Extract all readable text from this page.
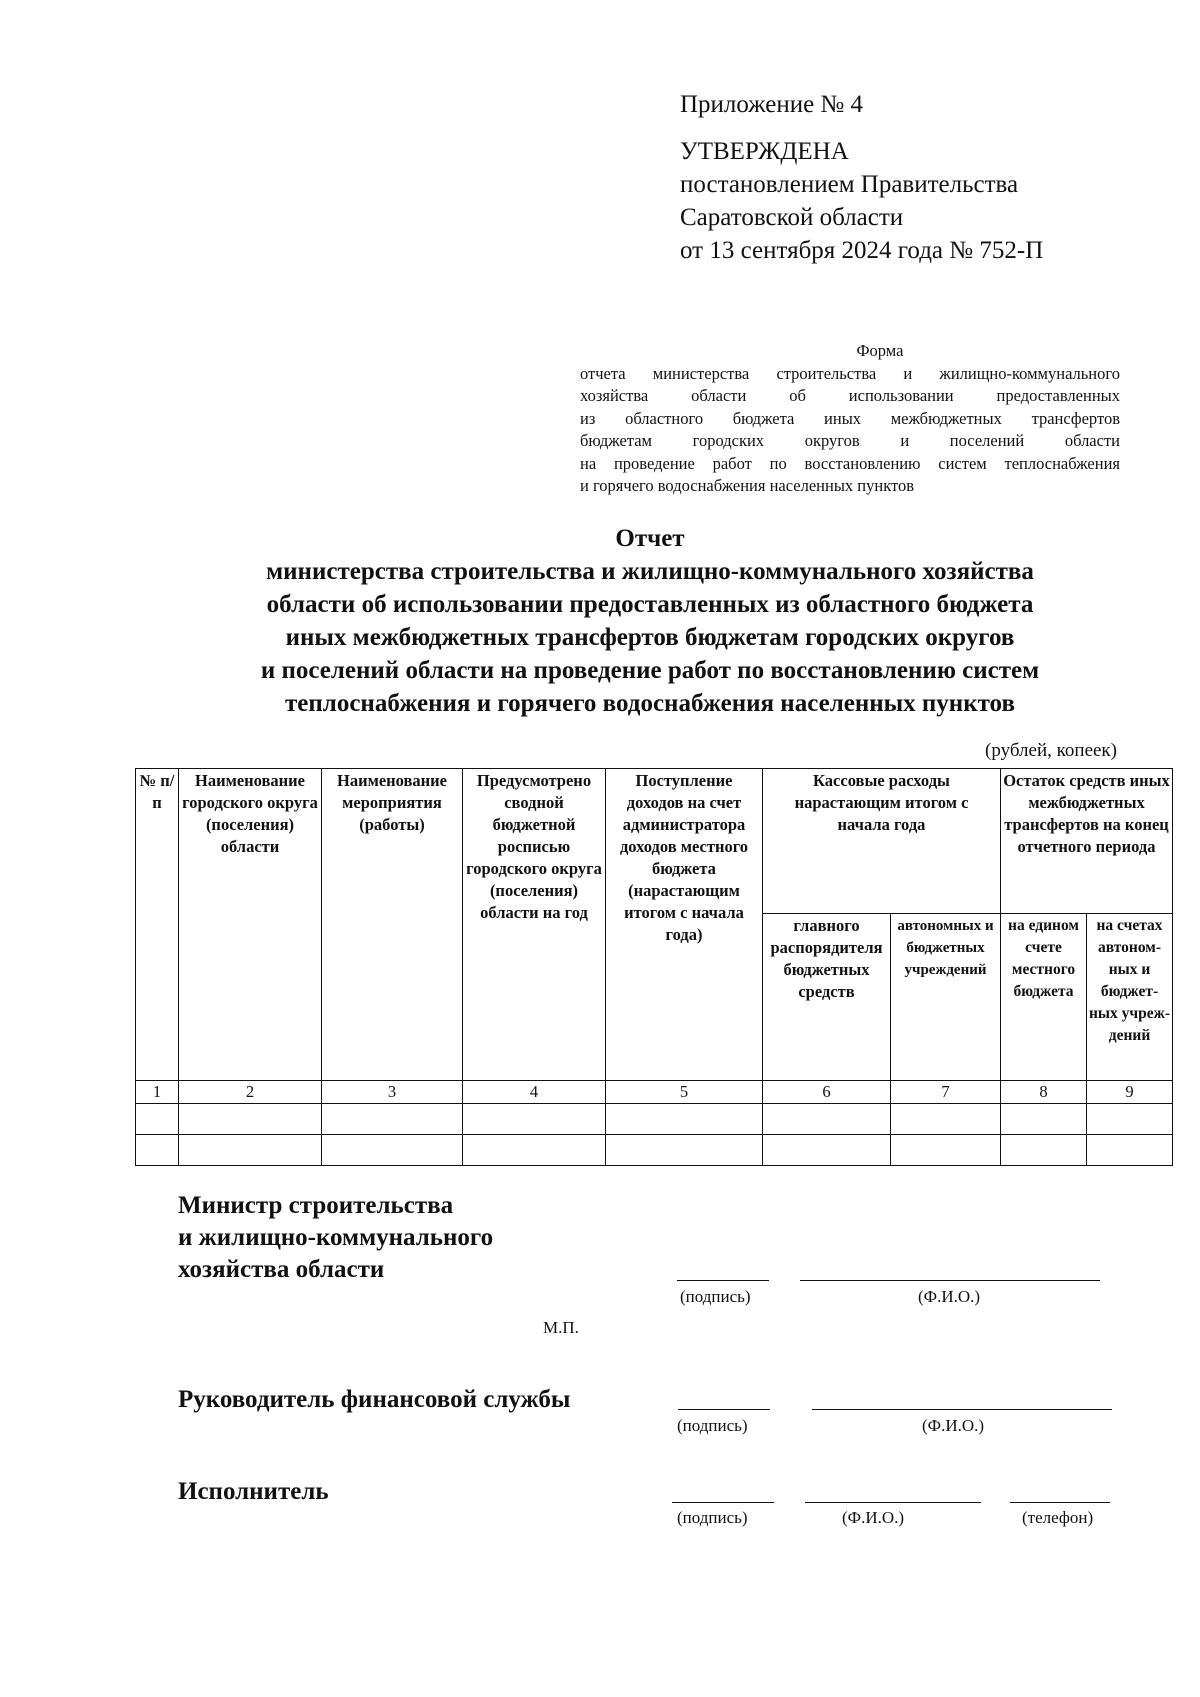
Приложение № 4
УТВЕРЖДЕНА
постановлением Правительства
Саратовской области
от 13 сентября 2024 года № 752-П
Форма

отчета министерства строительства и жилищно-коммунального

хозяйства области об использовании предоставленных

из областного бюджета иных межбюджетных трансфертов

бюджетам городских округов и поселений области

на проведение работ по восстановлению систем теплоснабжения

и горячего водоснабжения населенных пунктов

Отчет
министерства строительства и жилищно-коммунального хозяйства
области об использовании предоставленных из областного бюджета
иных межбюджетных трансфертов бюджетам городских округов
и поселений области на проведение работ по восстановлению систем
теплоснабжения и горячего водоснабжения населенных пунктов
(рублей, копеек)
№ п/п	Наименование городского округа (поселения) области	Наименование мероприятия (работы)	Предусмотрено сводной бюджетной росписью городского округа (поселения) области на год	Поступление доходов на счет администратора доходов местного бюджета (нарастающим итогом с начала года)	Кассовые расходы нарастающим итогом с начала года		Остаток средств иных межбюджетных трансфертов на конец отчетного периода	
					главного распорядителя бюджетных средств	автономных и бюджетных учреждений	на едином счете местного бюджета	на счетах автоном-ных и бюджет-ных учреж-дений
1	2	3	4	5	6	7	8	9

Министр строительства
и жилищно-коммунального
хозяйства области
(подпись)	(Ф.И.О.)
М.П.
Руководитель финансовой службы
(подпись)	(Ф.И.О.)
Исполнитель
(подпись)	(Ф.И.О.)	(телефон)
